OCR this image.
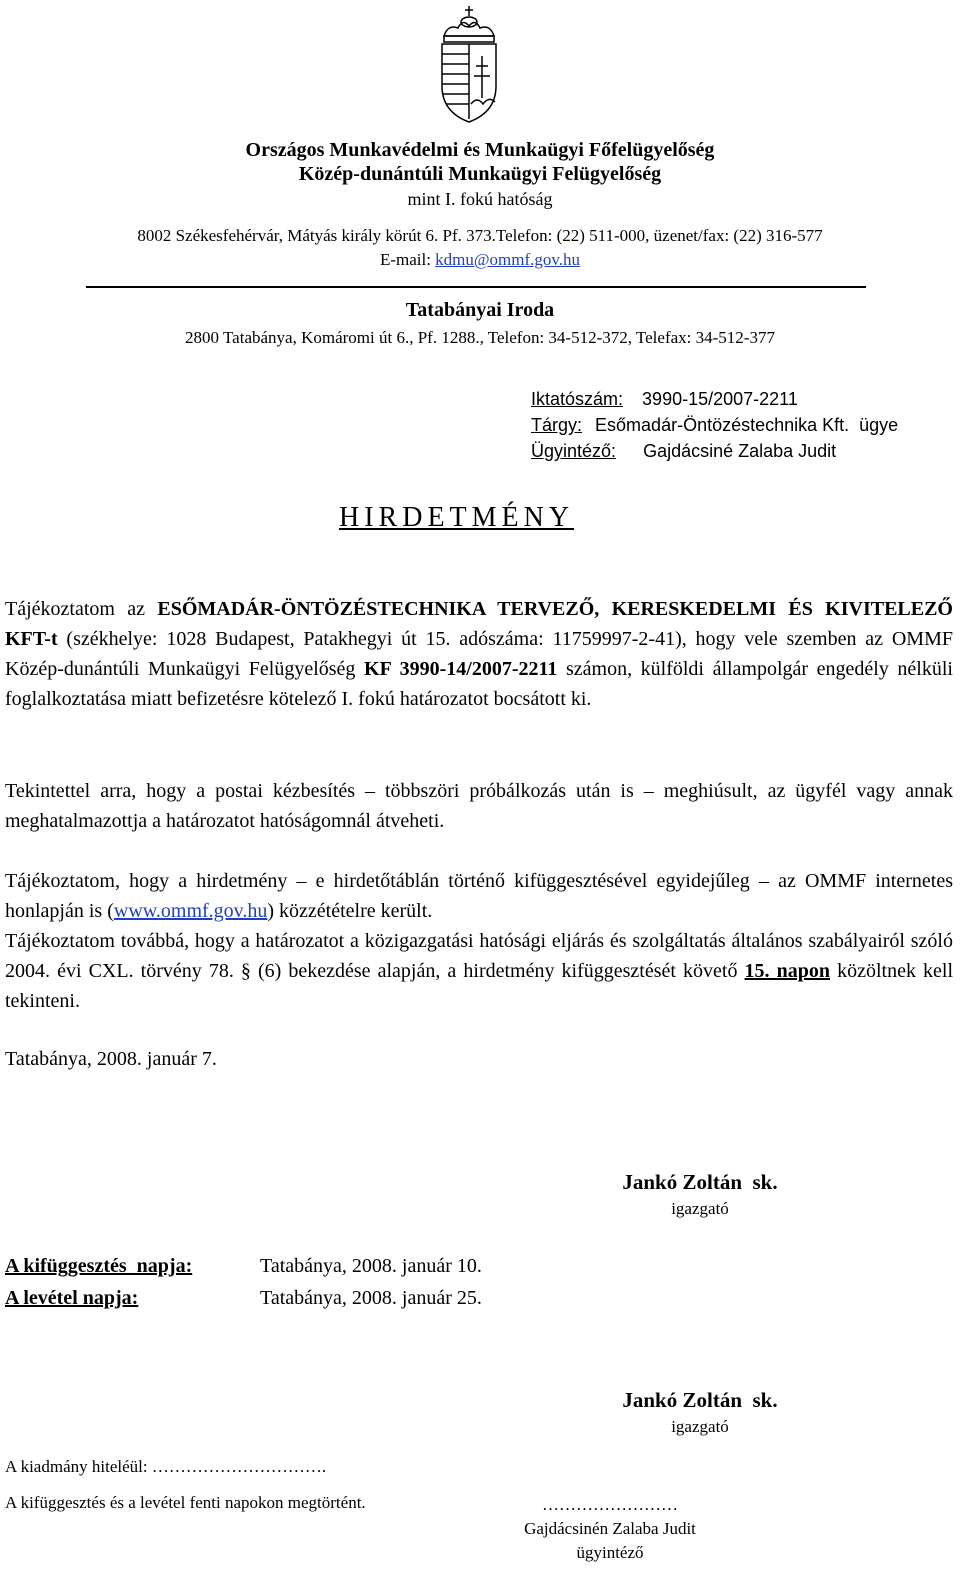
Országos Munkavédelmi és Munkaügyi Főfelügyelőség
Közép-dunántúli Munkaügyi Felügyelőség
mint I. fokú hatóság
8002 Székesfehérvár, Mátyás király körút 6. Pf. 373.Telefon: (22) 511-000, üzenet/fax: (22) 316-577
E-mail: kdmu@ommf.gov.hu
Tatabányai Iroda
2800 Tatabánya, Komáromi út 6., Pf. 1288., Telefon: 34-512-372, Telefax: 34-512-377
Iktatószám: 3990-15/2007-2211
Tárgy: Esőmadár-Öntözéstechnika Kft.  ügye
Ügyintéző: Gajdácsiné Zalaba Judit
HIRDETMÉNY
Tájékoztatom az ESŐMADÁR-ÖNTÖZÉSTECHNIKA TERVEZŐ, KERESKEDELMI ÉS KIVITELEZŐ KFT-t (székhelye: 1028 Budapest, Patakhegyi út 15. adószáma: 11759997-2-41), hogy vele szemben az OMMF Közép-dunántúli Munkaügyi Felügyelőség KF 3990-14/2007-2211 számon, külföldi állampolgár engedély nélküli foglalkoztatása miatt befizetésre kötelező I. fokú határozatot bocsátott ki.
Tekintettel arra, hogy a postai kézbesítés – többszöri próbálkozás után is – meghiúsult, az ügyfél vagy annak meghatalmazottja a határozatot hatóságomnál átveheti.
Tájékoztatom, hogy a hirdetmény – e hirdetőtáblán történő kifüggesztésével egyidejűleg – az OMMF internetes honlapján is (www.ommf.gov.hu) közzétételre került.
Tájékoztatom továbbá, hogy a határozatot a közigazgatási hatósági eljárás és szolgáltatás általános szabályairól szóló 2004. évi CXL. törvény 78. § (6) bekezdése alapján, a hirdetmény kifüggesztését követő 15. napon közöltnek kell tekinteni.
Tatabánya, 2008. január 7.
Jankó Zoltán  sk.
igazgató
A kifüggesztés  napja:	Tatabánya, 2008. január 10.
A levétel napja:	Tatabánya, 2008. január 25.
Jankó Zoltán  sk.
igazgató
A kiadmány hiteléül: ………………………….
A kifüggesztés és a levétel fenti napokon megtörtént.	……………………
Gajdácsinén Zalaba Judit
ügyintéző
